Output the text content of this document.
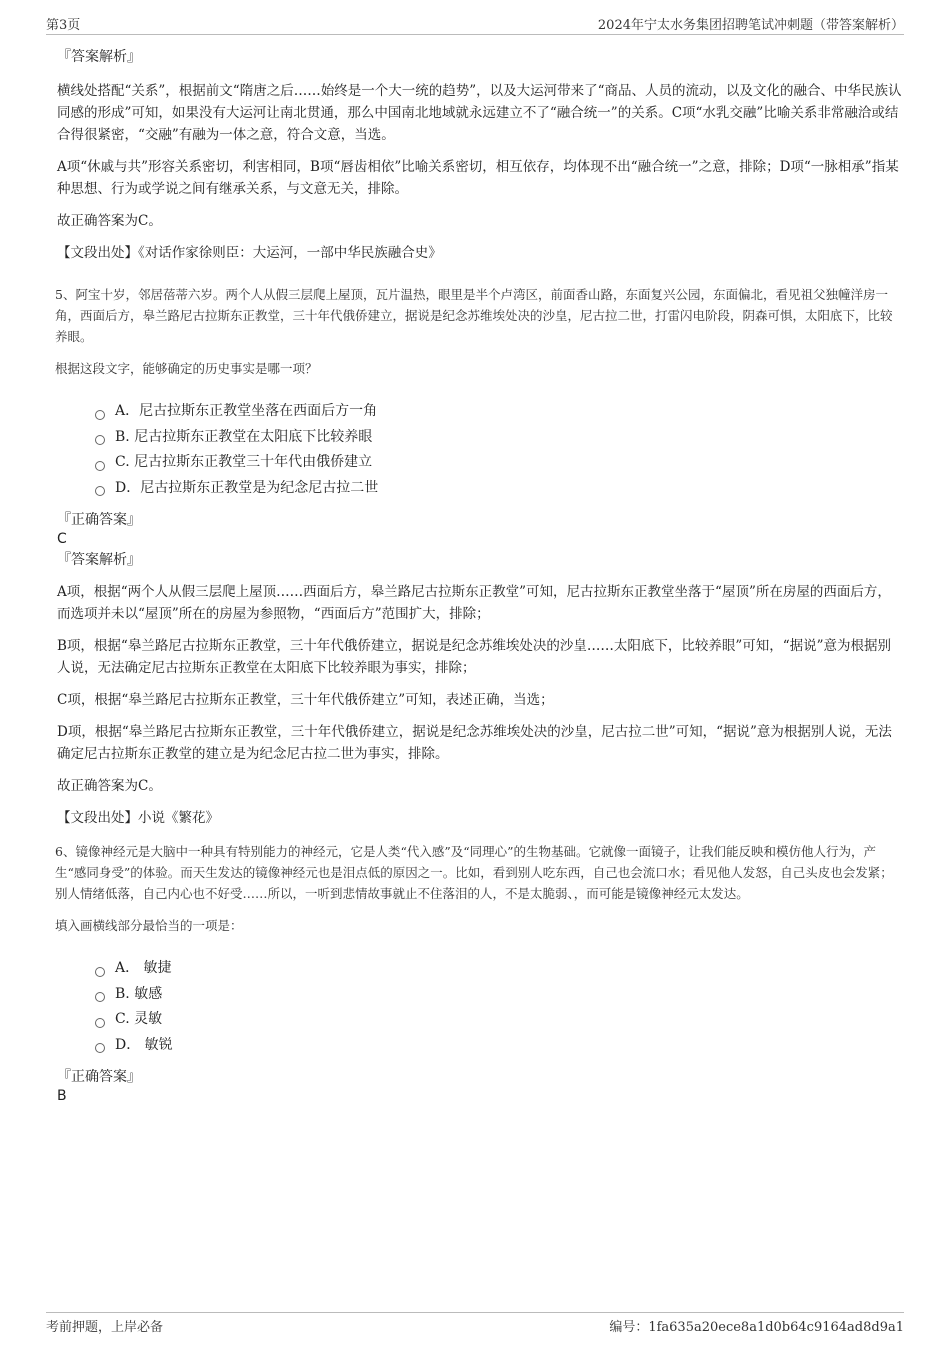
第3页	2024年宁太水务集团招聘笔试冲刺题（带答案解析）
『答案解析』

横线处搭配“关系”，根据前文“隋唐之后……始终是一个大一统的趋势”，以及大运河带来了“商品、人员的流动，以及文化的融合、中华民族认同感的形成”可知，如果没有大运河让南北贯通，那么中国南北地域就永远建立不了“融合统一”的关系。C项“水乳交融”比喻关系非常融洽或结合得很紧密，“交融”有融为一体之意，符合文意，当选。

A项“休戚与共”形容关系密切，利害相同，B项“唇齿相依”比喻关系密切，相互依存，均体现不出“融合统一”之意，排除；D项“一脉相承”指某种思想、行为或学说之间有继承关系，与文意无关，排除。

故正确答案为C。

【文段出处】《对话作家徐则臣：大运河，一部中华民族融合史》

5、阿宝十岁，邻居蓓蒂六岁。两个人从假三层爬上屋顶，瓦片温热，眼里是半个卢湾区，前面香山路，东面复兴公园，东面偏北，看见祖父独幢洋房一角，西面后方，皋兰路尼古拉斯东正教堂，三十年代俄侨建立，据说是纪念苏维埃处决的沙皇，尼古拉二世，打雷闪电阶段，阴森可惧，太阳底下，比较养眼。

根据这段文字，能够确定的历史事实是哪一项？

A．尼古拉斯东正教堂坐落在西面后方一角
B. 尼古拉斯东正教堂在太阳底下比较养眼
C. 尼古拉斯东正教堂三十年代由俄侨建立
D．尼古拉斯东正教堂是为纪念尼古拉二世
『正确答案』
C
『答案解析』

A项，根据“两个人从假三层爬上屋顶……西面后方，皋兰路尼古拉斯东正教堂”可知，尼古拉斯东正教堂坐落于“屋顶”所在房屋的西面后方，而选项并未以“屋顶”所在的房屋为参照物，“西面后方”范围扩大，排除；

B项，根据“皋兰路尼古拉斯东正教堂，三十年代俄侨建立，据说是纪念苏维埃处决的沙皇……太阳底下，比较养眼”可知，“据说”意为根据别人说，无法确定尼古拉斯东正教堂在太阳底下比较养眼为事实，排除；

C项，根据“皋兰路尼古拉斯东正教堂，三十年代俄侨建立”可知，表述正确，当选；

D项，根据“皋兰路尼古拉斯东正教堂，三十年代俄侨建立，据说是纪念苏维埃处决的沙皇，尼古拉二世”可知，“据说”意为根据别人说，无法确定尼古拉斯东正教堂的建立是为纪念尼古拉二世为事实，排除。

故正确答案为C。

【文段出处】小说《繁花》

6、镜像神经元是大脑中一种具有特别能力的神经元，它是人类“代入感”及“同理心”的生物基础。它就像一面镜子，让我们能反映和模仿他人行为，产生“感同身受”的体验。而天生发达的镜像神经元也是泪点低的原因之一。比如，看到别人吃东西，自己也会流口水；看见他人发怒，自己头皮也会发紧；别人情绪低落，自己内心也不好受……所以，一听到悲情故事就止不住落泪的人，不是太脆弱、，而可能是镜像神经元太发达。

填入画横线部分最恰当的一项是：

A． 敏捷
B. 敏感
C. 灵敏
D． 敏锐
『正确答案』
B
考前押题，上岸必备	编号：1fa635a20ece8a1d0b64c9164ad8d9a1
